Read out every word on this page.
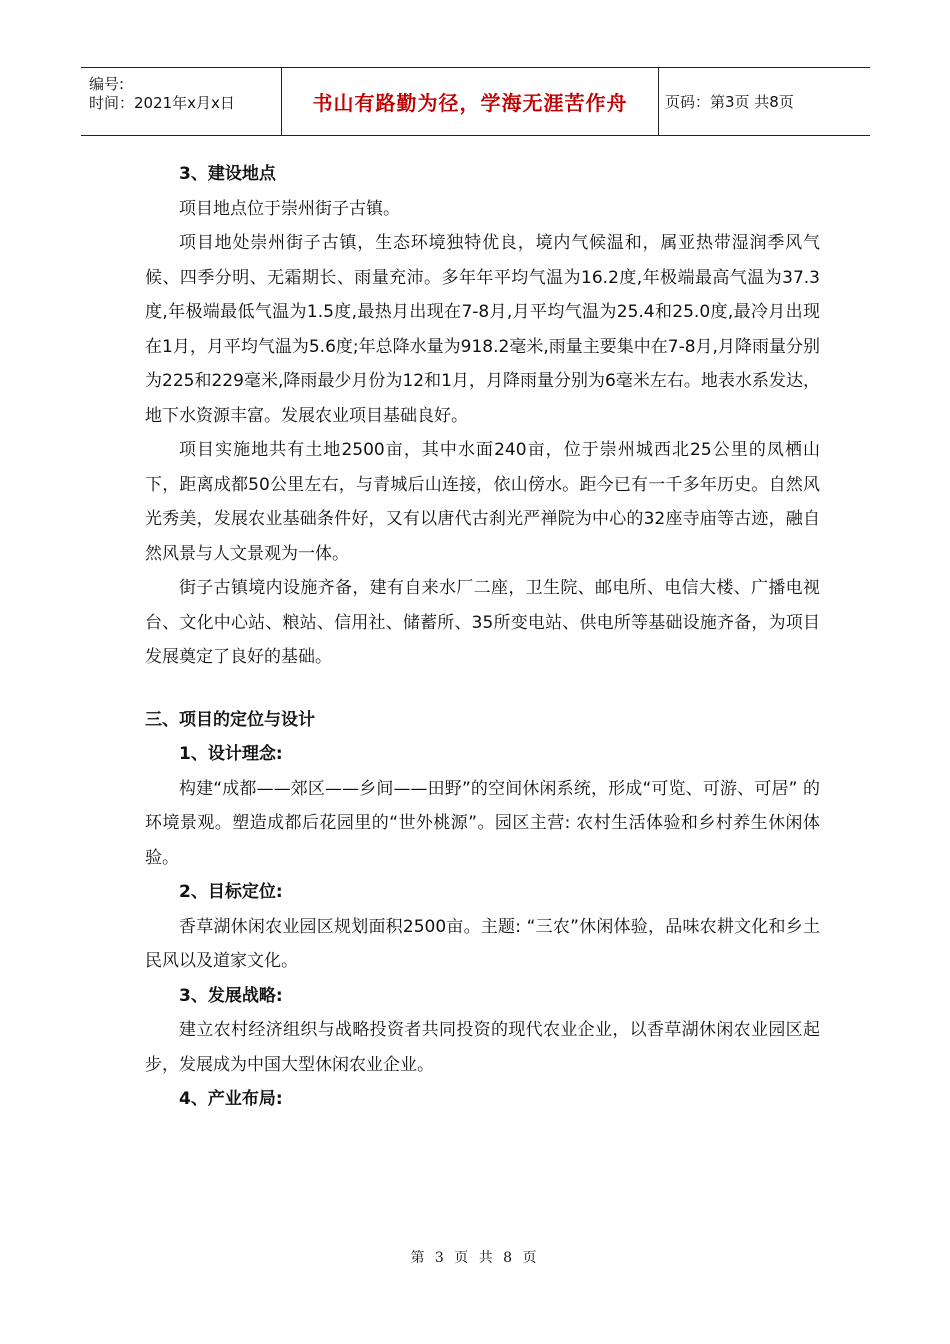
编号:
时间：2021年x月x日	书山有路勤为径，学海无涯苦作舟	页码：第3页 共8页

3、建设地点

项目地点位于崇州街子古镇。

项目地处崇州街子古镇，生态环境独特优良，境内气候温和，属亚热带湿润季风气候、四季分明、无霜期长、雨量充沛。多年年平均气温为16.2度,年极端最高气温为37.3度,年极端最低气温为1.5度,最热月出现在7-8月,月平均气温为25.4和25.0度,最冷月出现在1月，月平均气温为5.6度;年总降水量为918.2毫米,雨量主要集中在7-8月,月降雨量分别为225和229毫米,降雨最少月份为12和1月，月降雨量分别为6毫米左右。地表水系发达，地下水资源丰富。发展农业项目基础良好。

项目实施地共有土地2500亩，其中水面240亩，位于崇州城西北25公里的凤栖山下，距离成都50公里左右，与青城后山连接，依山傍水。距今已有一千多年历史。自然风光秀美，发展农业基础条件好，又有以唐代古刹光严禅院为中心的32座寺庙等古迹，融自然风景与人文景观为一体。

街子古镇境内设施齐备，建有自来水厂二座，卫生院、邮电所、电信大楼、广播电视台、文化中心站、粮站、信用社、储蓄所、35所变电站、供电所等基础设施齐备，为项目发展奠定了良好的基础。

三、项目的定位与设计

1、设计理念:

构建“成都——郊区——乡间——田野”的空间休闲系统，形成“可览、可游、可居” 的环境景观。塑造成都后花园里的“世外桃源”。园区主营: 农村生活体验和乡村养生休闲体验。

2、目标定位:

香草湖休闲农业园区规划面积2500亩。主题: “三农”休闲体验，品味农耕文化和乡土民风以及道家文化。

3、发展战略:

建立农村经济组织与战略投资者共同投资的现代农业企业，以香草湖休闲农业园区起步，发展成为中国大型休闲农业企业。

4、产业布局:

第 3 页 共 8 页
